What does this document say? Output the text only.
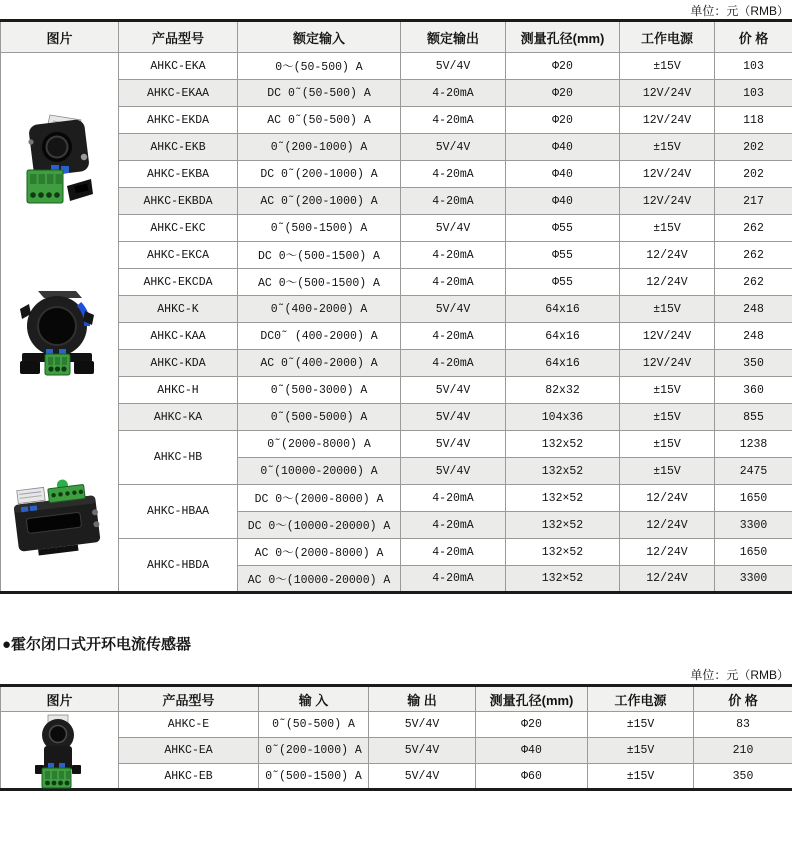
单位：元（RMB）
图片	产品型号	额定输入	额定输出	测量孔径(mm)	工作电源	价 格

	AHKC-EKA	0～(50-500) A	5V/4V	Φ20	±15V	103
	AHKC-EKAA	DC 0˜(50-500) A	4-20mA	Φ20	12V/24V	103
	AHKC-EKDA	AC 0˜(50-500) A	4-20mA	Φ20	12V/24V	118
	AHKC-EKB	0˜(200-1000) A	5V/4V	Φ40	±15V	202
	AHKC-EKBA	DC 0˜(200-1000) A	4-20mA	Φ40	12V/24V	202
	AHKC-EKBDA	AC 0˜(200-1000) A	4-20mA	Φ40	12V/24V	217
	AHKC-EKC	0˜(500-1500) A	5V/4V	Φ55	±15V	262
	AHKC-EKCA	DC 0～(500-1500) A	4-20mA	Φ55	12/24V	262
	AHKC-EKCDA	AC 0～(500-1500) A	4-20mA	Φ55	12/24V	262
	AHKC-K	0˜(400-2000) A	5V/4V	64x16	±15V	248
	AHKC-KAA	DC0˜ (400-2000) A	4-20mA	64x16	12V/24V	248
	AHKC-KDA	AC 0˜(400-2000) A	4-20mA	64x16	12V/24V	350
	AHKC-H	0˜(500-3000) A	5V/4V	82x32	±15V	360
	AHKC-KA	0˜(500-5000) A	5V/4V	104x36	±15V	855
	AHKC-HB	0˜(2000-8000) A	5V/4V	132x52	±15V	1238
		0˜(10000-20000) A	5V/4V	132x52	±15V	2475
	AHKC-HBAA	DC 0～(2000-8000) A	4-20mA	132×52	12/24V	1650
		DC 0～(10000-20000) A	4-20mA	132×52	12/24V	3300
	AHKC-HBDA	AC 0～(2000-8000) A	4-20mA	132×52	12/24V	1650
		AC 0～(10000-20000) A	4-20mA	132×52	12/24V	3300
●霍尔闭口式开环电流传感器
单位：元（RMB）
图片	产品型号	输 入	输 出	测量孔径(mm)	工作电源	价 格

	AHKC-E	0˜(50-500) A	5V/4V	Φ20	±15V	83
	AHKC-EA	0˜(200-1000) A	5V/4V	Φ40	±15V	210
	AHKC-EB	0˜(500-1500) A	5V/4V	Φ60	±15V	350
